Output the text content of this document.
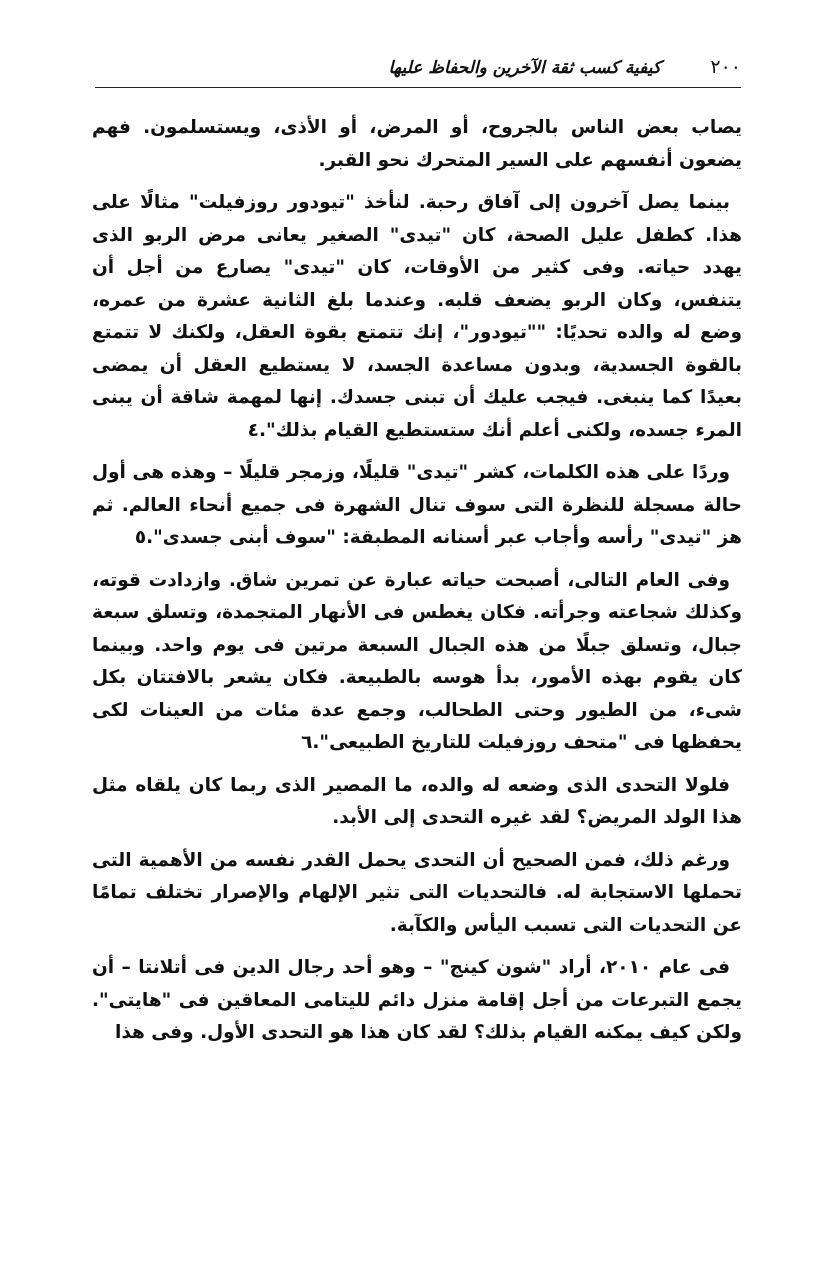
٢٠٠
كيفية كسب ثقة الآخرين والحفاظ عليها

يصاب بعض الناس بالجروح، أو المرض، أو الأذى، ويستسلمون. فهم يضعون أنفسهم على السير المتحرك نحو القبر.

بينما يصل آخرون إلى آفاق رحبة. لنأخذ "تيودور روزفيلت" مثالًا على هذا. كطفل عليل الصحة، كان "تيدى" الصغير يعانى مرض الربو الذى يهدد حياته. وفى كثير من الأوقات، كان "تيدى" يصارع من أجل أن يتنفس، وكان الربو يضعف قلبه. وعندما بلغ الثانية عشرة من عمره، وضع له والده تحديًا: ""تيودور"، إنك تتمتع بقوة العقل، ولكنك لا تتمتع بالقوة الجسدية، وبدون مساعدة الجسد، لا يستطيع العقل أن يمضى بعيدًا كما ينبغى. فيجب عليك أن تبنى جسدك. إنها لمهمة شاقة أن يبنى المرء جسده، ولكنى أعلم أنك ستستطيع القيام بذلك".٤

وردًا على هذه الكلمات، كشر "تيدى" قليلًا، وزمجر قليلًا – وهذه هى أول حالة مسجلة للنظرة التى سوف تنال الشهرة فى جميع أنحاء العالم. ثم هز "تيدى" رأسه وأجاب عبر أسنانه المطبقة: "سوف أبنى جسدى".٥

وفى العام التالى، أصبحت حياته عبارة عن تمرين شاق. وازدادت قوته، وكذلك شجاعته وجرأته. فكان يغطس فى الأنهار المتجمدة، وتسلق سبعة جبال، وتسلق جبلًا من هذه الجبال السبعة مرتين فى يوم واحد. وبينما كان يقوم بهذه الأمور، بدأ هوسه بالطبيعة. فكان يشعر بالافتتان بكل شىء، من الطيور وحتى الطحالب، وجمع عدة مئات من العينات لكى يحفظها فى "متحف روزفيلت للتاريخ الطبيعى".٦

فلولا التحدى الذى وضعه له والده، ما المصير الذى ربما كان يلقاه مثل هذا الولد المريض؟ لقد غيره التحدى إلى الأبد.

ورغم ذلك، فمن الصحيح أن التحدى يحمل القدر نفسه من الأهمية التى تحملها الاستجابة له. فالتحديات التى تثير الإلهام والإصرار تختلف تمامًا عن التحديات التى تسبب اليأس والكآبة.

فى عام ٢٠١٠، أراد "شون كينج" – وهو أحد رجال الدين فى أتلانتا – أن يجمع التبرعات من أجل إقامة منزل دائم لليتامى المعاقين فى "هايتى". ولكن كيف يمكنه القيام بذلك؟ لقد كان هذا هو التحدى الأول. وفى هذا
